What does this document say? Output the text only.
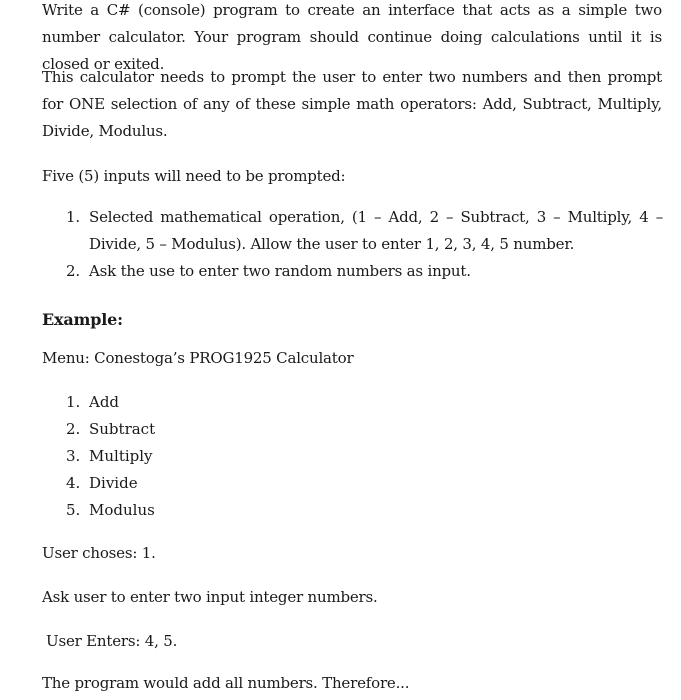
Write a C# (console) program to create an interface that acts as a simple two number calculator. Your program should continue doing calculations until it is closed or exited.

This calculator needs to prompt the user to enter two numbers and then prompt for ONE selection of any of these simple math operators: Add, Subtract, Multiply, Divide, Modulus.

Five (5) inputs will need to be prompted:

1. Selected mathematical operation, (1 – Add, 2 – Subtract, 3 – Multiply, 4 – Divide, 5 – Modulus). Allow the user to enter 1, 2, 3, 4, 5 number.
2. Ask the use to enter two random numbers as input.

Example:

Menu: Conestoga’s PROG1925 Calculator

1. Add
2. Subtract
3. Multiply
4. Divide
5. Modulus

User choses: 1.

Ask user to enter two input integer numbers.

User Enters: 4, 5.

The program would add all numbers. Therefore...
